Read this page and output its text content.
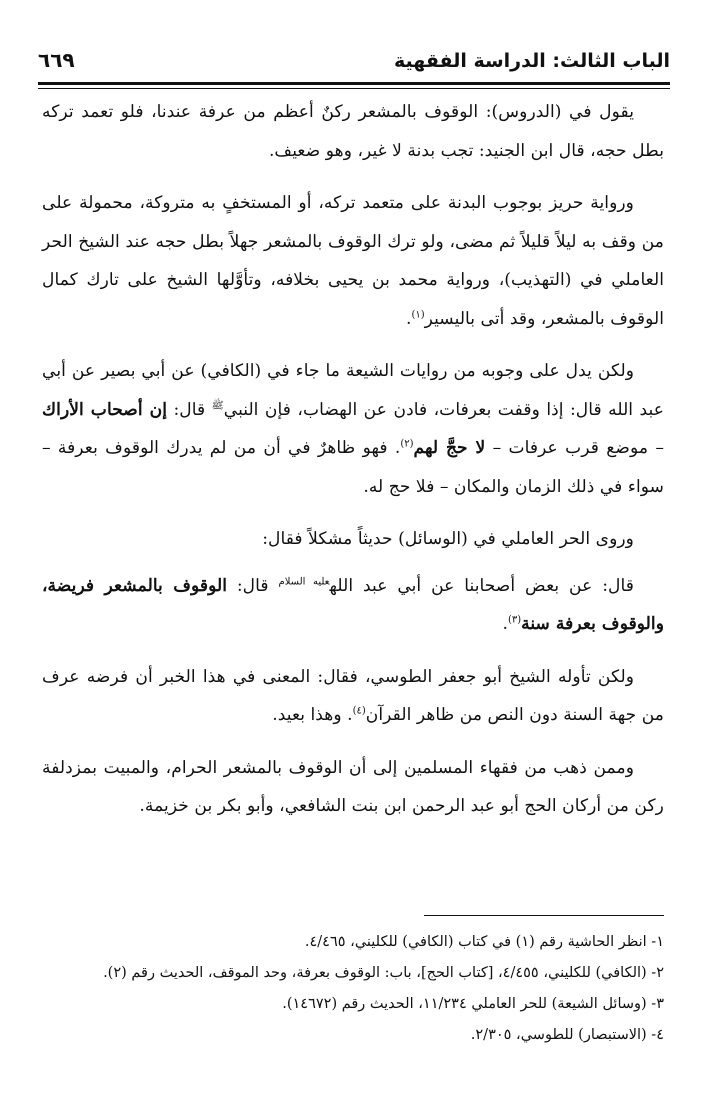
الباب الثالث: الدراسة الفقهية
٦٦٩

يقول في (الدروس): الوقوف بالمشعر ركنٌ أعظم من عرفة عندنا، فلو تعمد تركه بطل حجه، قال ابن الجنيد: تجب بدنة لا غير، وهو ضعيف.

ورواية حريز بوجوب البدنة على متعمد تركه، أو المستخفٍ به متروكة، محمولة على من وقف به ليلاً قليلاً ثم مضى، ولو ترك الوقوف بالمشعر جهلاً بطل حجه عند الشيخ الحر العاملي في (التهذيب)، ورواية محمد بن يحيى بخلافه، وتأوَّلها الشيخ على تارك كمال الوقوف بالمشعر، وقد أتى باليسير$^{(١)}$.

ولكن يدل على وجوبه من روايات الشيعة ما جاء في (الكافي) عن أبي بصير عن أبي عبد الله قال: إذا وقفت بعرفات، فادن عن الهضاب، فإن النبي$^ﷺ$ قال: إن أصحاب الأراك – موضع قرب عرفات – لا حجَّ لهم$^{(٢)}$. فهو ظاهرٌ في أن من لم يدرك الوقوف بعرفة – سواء في ذلك الزمان والمكان – فلا حج له.

وروى الحر العاملي في (الوسائل) حديثاً مشكلاً فقال:

قال: عن بعض أصحابنا عن أبي عبد الله$^{عليه السلام}$ قال: الوقوف بالمشعر فريضة، والوقوف بعرفة سنة$^{(٣)}$.

ولكن تأوله الشيخ أبو جعفر الطوسي، فقال: المعنى في هذا الخبر أن فرضه عرف من جهة السنة دون النص من ظاهر القرآن$^{(٤)}$. وهذا بعيد.

وممن ذهب من فقهاء المسلمين إلى أن الوقوف بالمشعر الحرام، والمبيت بمزدلفة ركن من أركان الحج أبو عبد الرحمن ابن بنت الشافعي، وأبو بكر بن خزيمة.

١- انظر الحاشية رقم (١) في كتاب (الكافي) للكليني، ٤/٤٦٥.

٢- (الكافي) للكليني، ٤/٤٥٥، [كتاب الحج]، باب: الوقوف بعرفة، وحد الموقف، الحديث رقم (٢).

٣- (وسائل الشيعة) للحر العاملي ١١/٢٣٤، الحديث رقم (١٤٦٧٢).

٤- (الاستبصار) للطوسي، ٢/٣٠٥.
